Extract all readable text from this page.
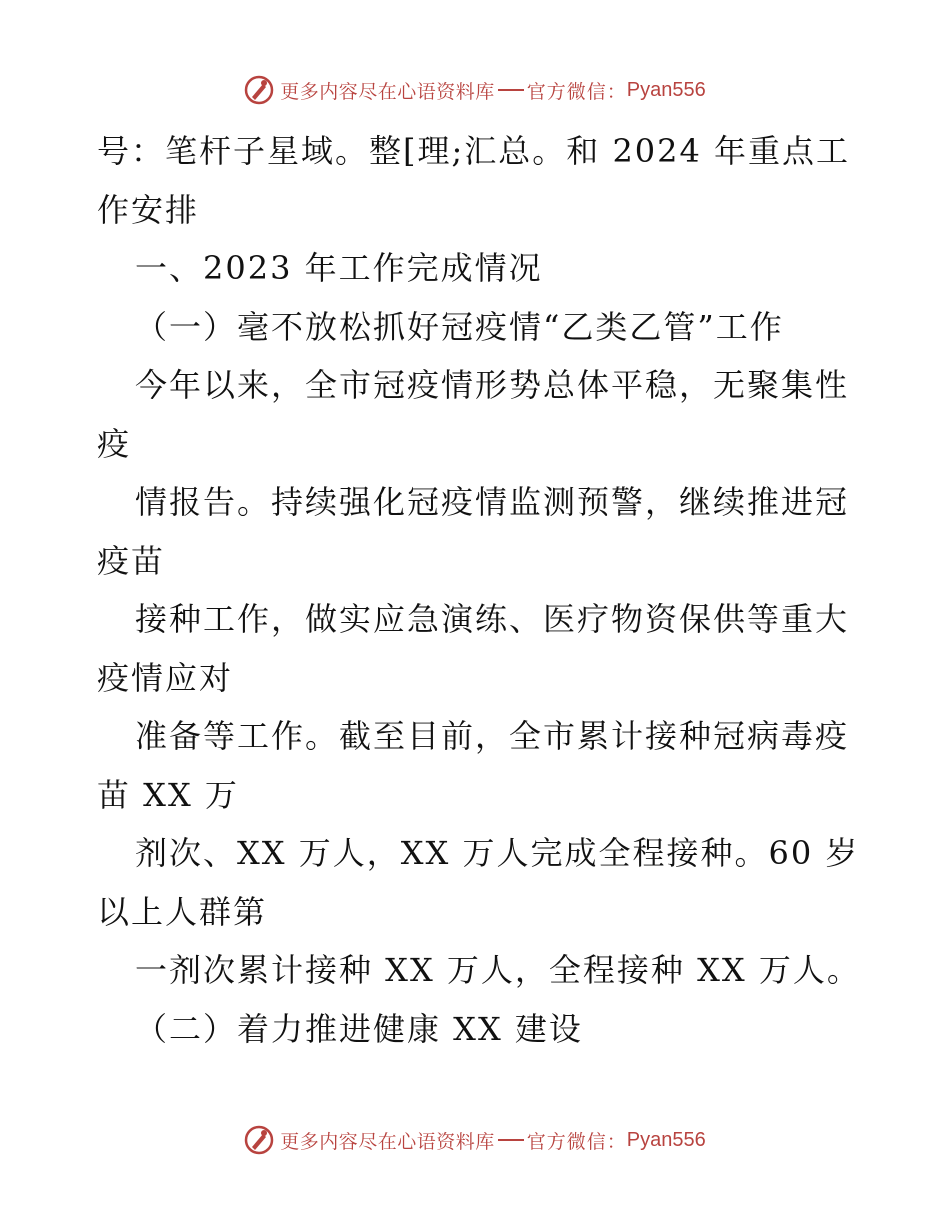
更多内容尽在心语资料库 官方微信： Pyan556
号：笔杆子星域。整[理;汇总。和 2024 年重点工
作安排
一、2023 年工作完成情况
（一）毫不放松抓好冠疫情“乙类乙管”工作
今年以来，全市冠疫情形势总体平稳，无聚集性
疫
情报告。持续强化冠疫情监测预警，继续推进冠
疫苗
接种工作，做实应急演练、医疗物资保供等重大
疫情应对
准备等工作。截至目前，全市累计接种冠病毒疫
苗 XX 万
剂次、XX 万人，XX 万人完成全程接种。60 岁
以上人群第
一剂次累计接种 XX 万人，全程接种 XX 万人。
（二）着力推进健康 XX 建设
更多内容尽在心语资料库 官方微信： Pyan556
